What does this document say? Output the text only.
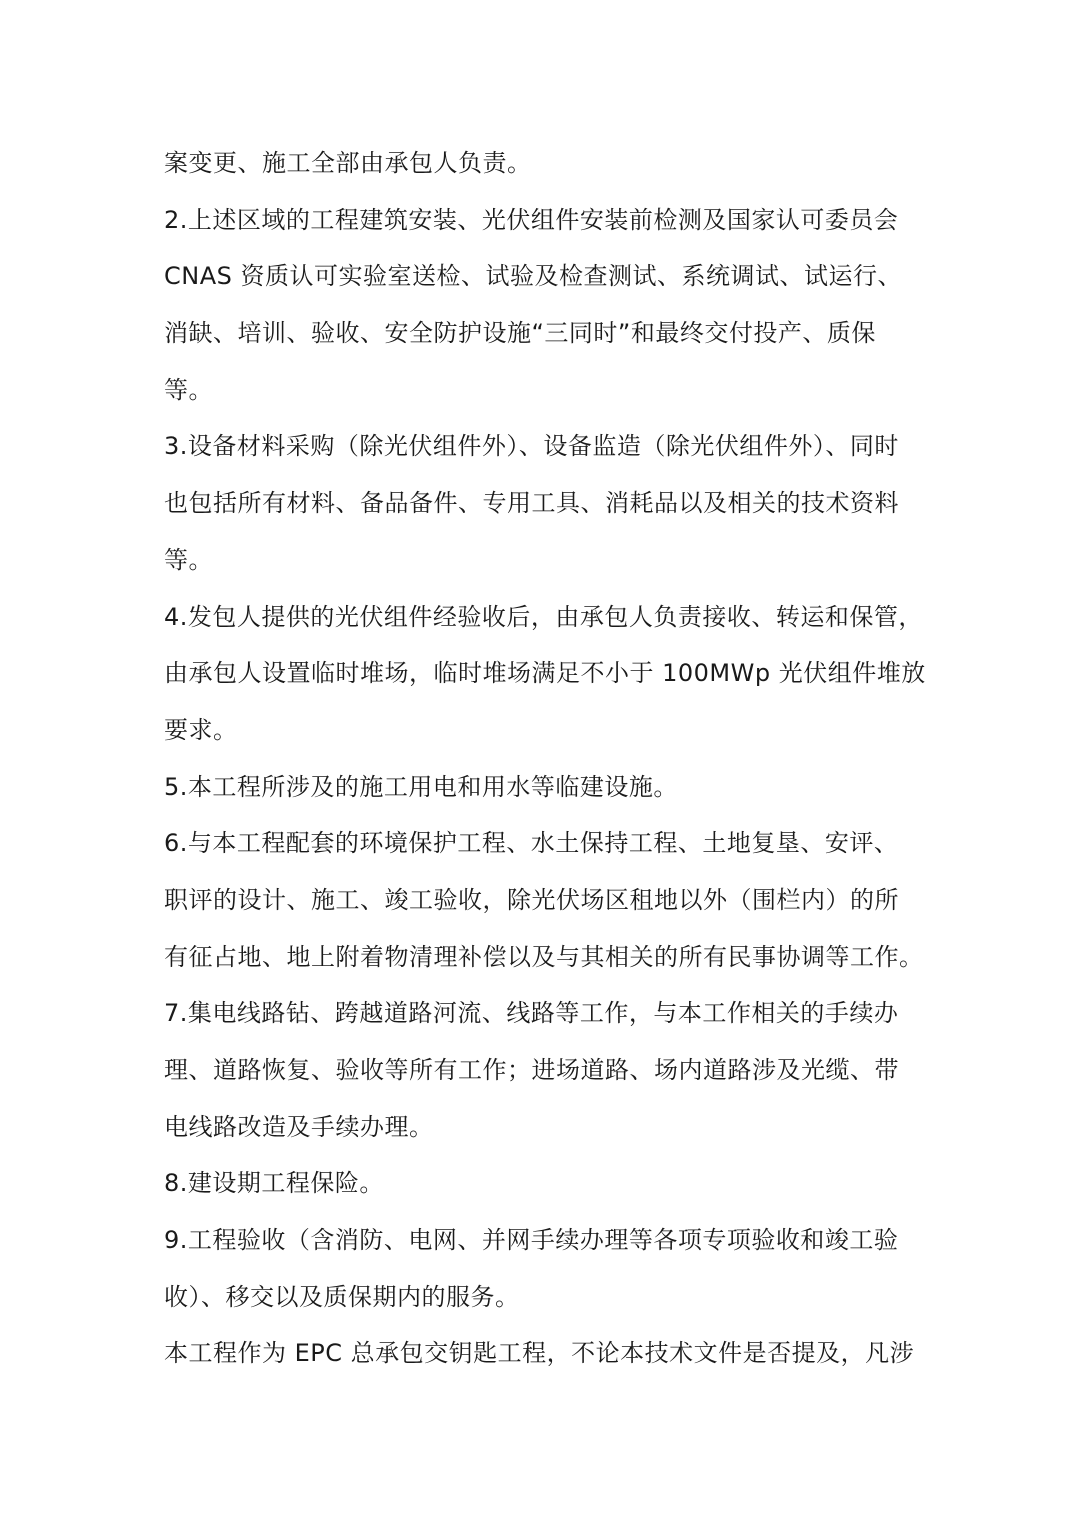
案变更、施工全部由承包人负责。
2.上述区域的工程建筑安装、光伏组件安装前检测及国家认可委员会
CNAS 资质认可实验室送检、试验及检查测试、系统调试、试运行、
消缺、培训、验收、安全防护设施“三同时”和最终交付投产、质保
等。
3.设备材料采购（除光伏组件外）、设备监造（除光伏组件外）、同时
也包括所有材料、备品备件、专用工具、消耗品以及相关的技术资料
等。
4.发包人提供的光伏组件经验收后，由承包人负责接收、转运和保管，
由承包人设置临时堆场，临时堆场满足不小于 100MWp 光伏组件堆放
要求。
5.本工程所涉及的施工用电和用水等临建设施。
6.与本工程配套的环境保护工程、水土保持工程、土地复垦、安评、
职评的设计、施工、竣工验收，除光伏场区租地以外（围栏内）的所
有征占地、地上附着物清理补偿以及与其相关的所有民事协调等工作。
7.集电线路钻、跨越道路河流、线路等工作，与本工作相关的手续办
理、道路恢复、验收等所有工作；进场道路、场内道路涉及光缆、带
电线路改造及手续办理。
8.建设期工程保险。
9.工程验收（含消防、电网、并网手续办理等各项专项验收和竣工验
收）、移交以及质保期内的服务。
本工程作为 EPC 总承包交钥匙工程，不论本技术文件是否提及，凡涉
